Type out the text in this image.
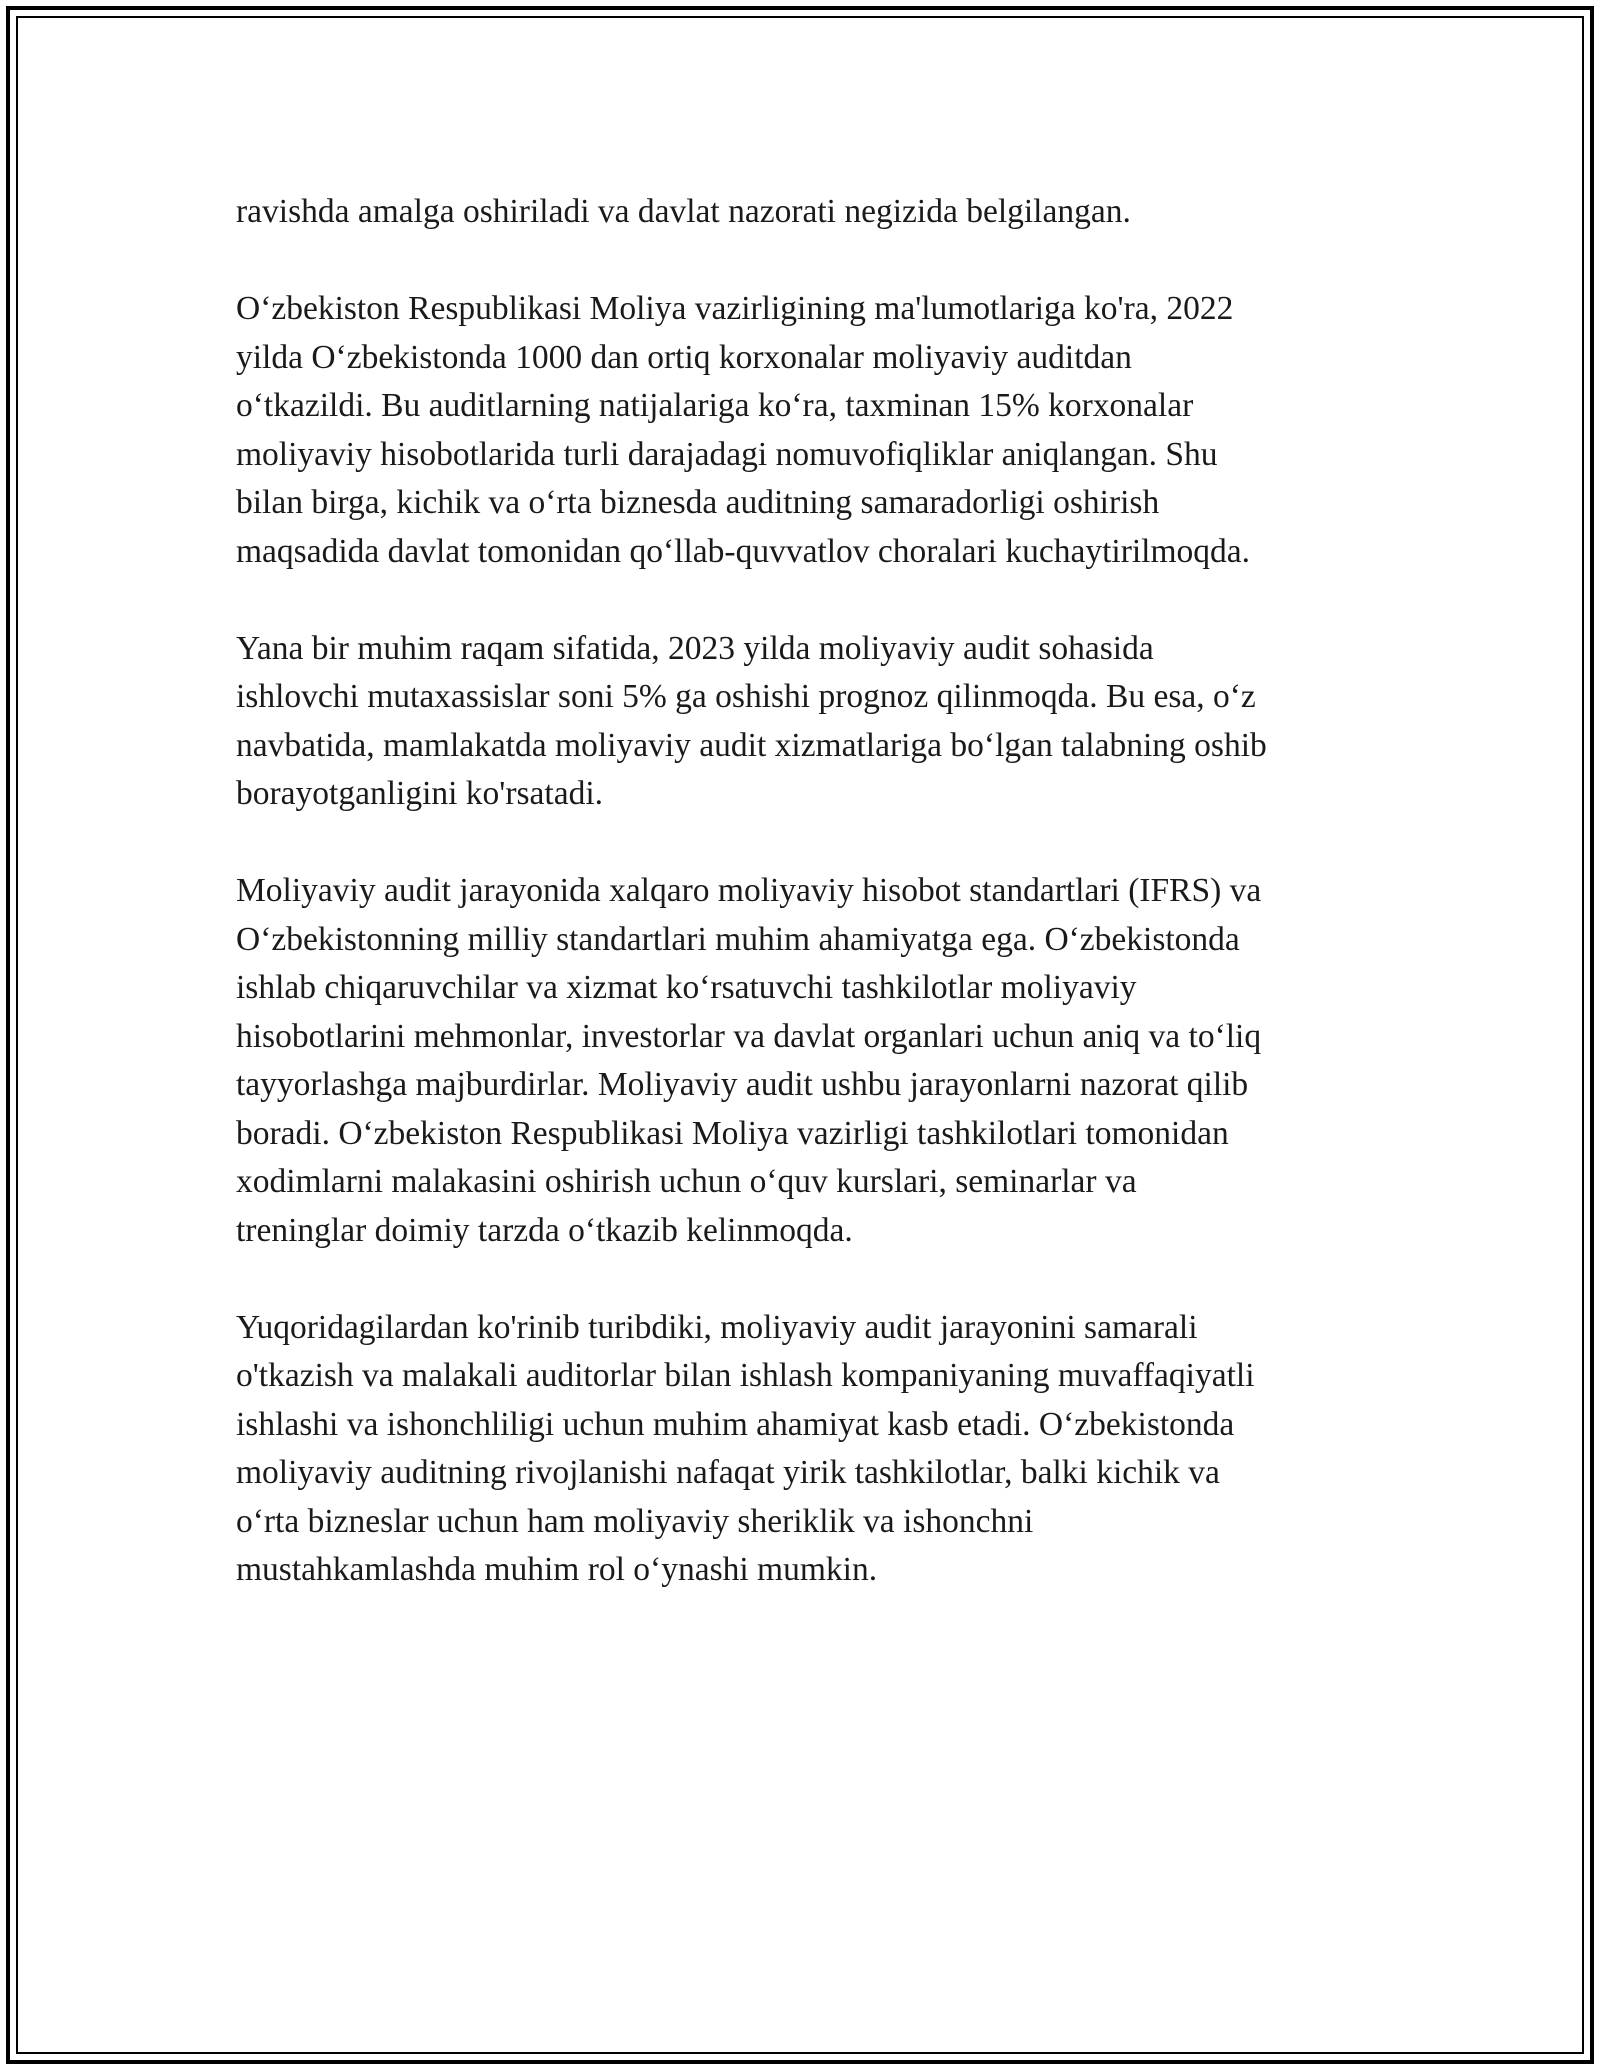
ravishda amalga oshiriladi va davlat nazorati negizida belgilangan.

O‘zbekiston Respublikasi Moliya vazirligining ma'lumotlariga ko'ra, 2022
yilda O‘zbekistonda 1000 dan ortiq korxonalar moliyaviy auditdan
o‘tkazildi. Bu auditlarning natijalariga ko‘ra, taxminan 15% korxonalar
moliyaviy hisobotlarida turli darajadagi nomuvofiqliklar aniqlangan. Shu
bilan birga, kichik va o‘rta biznesda auditning samaradorligi oshirish
maqsadida davlat tomonidan qo‘llab-quvvatlov choralari kuchaytirilmoqda.

Yana bir muhim raqam sifatida, 2023 yilda moliyaviy audit sohasida
ishlovchi mutaxassislar soni 5% ga oshishi prognoz qilinmoqda. Bu esa, o‘z
navbatida, mamlakatda moliyaviy audit xizmatlariga bo‘lgan talabning oshib
borayotganligini ko'rsatadi.

Moliyaviy audit jarayonida xalqaro moliyaviy hisobot standartlari (IFRS) va
O‘zbekistonning milliy standartlari muhim ahamiyatga ega. O‘zbekistonda
ishlab chiqaruvchilar va xizmat ko‘rsatuvchi tashkilotlar moliyaviy
hisobotlarini mehmonlar, investorlar va davlat organlari uchun aniq va to‘liq
tayyorlashga majburdirlar. Moliyaviy audit ushbu jarayonlarni nazorat qilib
boradi. O‘zbekiston Respublikasi Moliya vazirligi tashkilotlari tomonidan
xodimlarni malakasini oshirish uchun o‘quv kurslari, seminarlar va
treninglar doimiy tarzda o‘tkazib kelinmoqda.

Yuqoridagilardan ko'rinib turibdiki, moliyaviy audit jarayonini samarali
o'tkazish va malakali auditorlar bilan ishlash kompaniyaning muvaffaqiyatli
ishlashi va ishonchliligi uchun muhim ahamiyat kasb etadi. O‘zbekistonda
moliyaviy auditning rivojlanishi nafaqat yirik tashkilotlar, balki kichik va
o‘rta bizneslar uchun ham moliyaviy sheriklik va ishonchni
mustahkamlashda muhim rol o‘ynashi mumkin.
